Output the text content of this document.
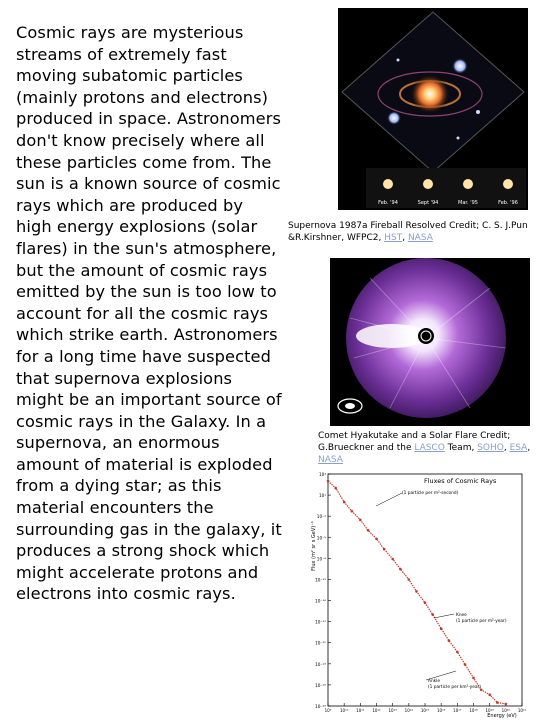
Cosmic rays are mysterious streams of extremely fast moving subatomic particles (mainly protons and electrons) produced in space. Astronomers don't know precisely where all these particles come from. The sun is a known source of cosmic rays which are produced by high energy explosions (solar flares) in the sun's atmosphere, but the amount of cosmic rays emitted by the sun is too low to account for all the cosmic rays which strike earth. Astronomers for a long time have suspected that supernova explosions might be an important source of cosmic rays in the Galaxy. In a supernova, an enormous amount of material is exploded from a dying star; as this material encounters the surrounding gas in the galaxy, it produces a strong shock which might accelerate protons and electrons into cosmic rays.
Feb. '94	Sept '94	Mar. '95	Feb. '96
Supernova 1987a Fireball Resolved Credit; C. S. J.Pun &R.Kirshner, WFPC2, HST, NASA
Comet Hyakutake and a Solar Flare Credit; G.Brueckner and the LASCO Team, SOHO, ESA, NASA
Fluxes of Cosmic Rays
Flux (m² sr s GeV)⁻¹
Energy (eV)
10⁴
10¹
10⁻²
10⁻⁵
10⁻⁸
10⁻¹¹
10⁻¹⁴
10⁻¹⁷
10⁻²⁰
10⁻²³
10⁻²⁶
10⁻²⁹
10⁹ 10¹⁰ 10¹¹ 10¹² 10¹³ 10¹⁴ 10¹⁵ 10¹⁶ 10¹⁷ 10¹⁸ 10¹⁹ 10²⁰ 10²¹
(1 particle per m²-second)
Knee
(1 particle per m²-year)
Ankle
(1 particle per km²-year)
